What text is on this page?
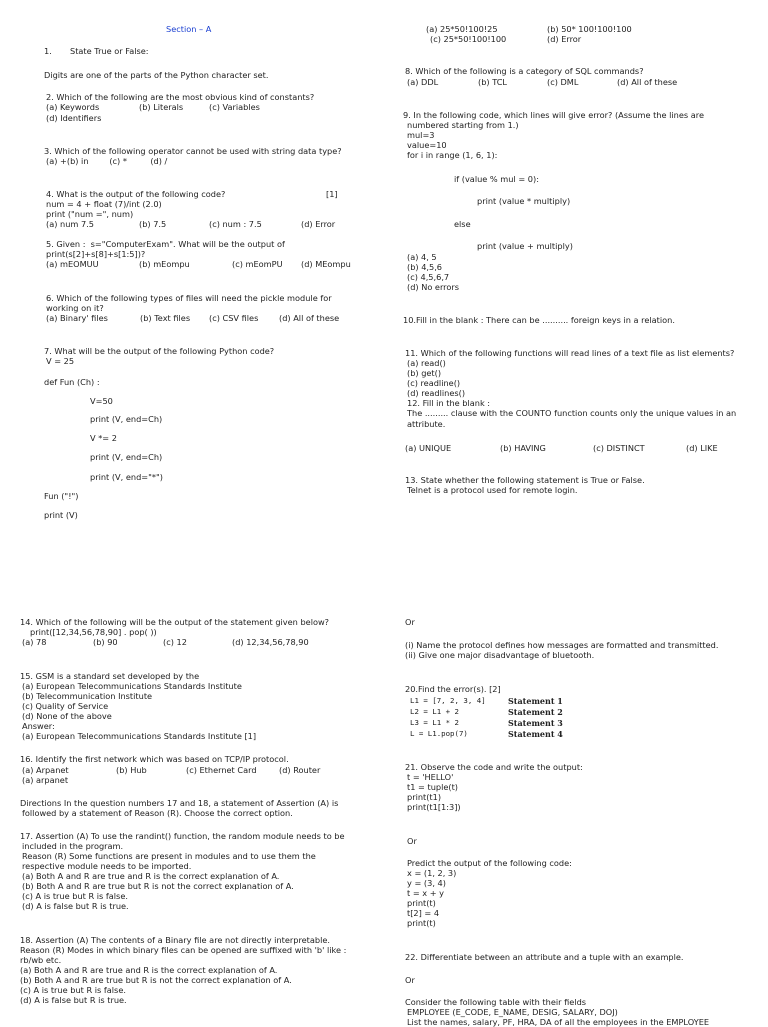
Section – A
1. State True or False:
Digits are one of the parts of the Python character set.
2. Which of the following are the most obvious kind of constants?
(a) Keywords	(b) Literals	(c) Variables
(d) Identifiers
3. Which of the following operator cannot be used with string data type?
(a) +(b) in        (c) *         (d) /
4. What is the output of the following code?	[1]
num = 4 + float (7)/int (2.0)
print ("num =", num)
(a) num 7.5	(b) 7.5	(c) num : 7.5	(d) Error
5. Given :  s="ComputerExam". What will be the output of
print(s[2]+s[8]+s[1:5])?
(a) mEOMUU	(b) mEompu	(c) mEomPU (d) MEompu
6. Which of the following types of files will need the pickle module for
working on it?
(a) Binary' files	(b) Text files (c) CSV files	(d) All of these
7. What will be the output of the following Python code?
V = 25
def Fun (Ch) :
V=50
print (V, end=Ch)
V *= 2
print (V, end=Ch)
print (V, end="*")
Fun ("!")
print (V)
(a) 25*50!100!25	(b) 50* 100!100!100
(c) 25*50!100!100	(d) Error
8. Which of the following is a category of SQL commands?
(a) DDL	(b) TCL	(c) DML	(d) All of these
9. In the following code, which lines will give error? (Assume the lines are
numbered starting from 1.)
mul=3
value=10
for i in range (1, 6, 1):
if (value % mul = 0):
print (value * multiply)
else
print (value + multiply)
(a) 4, 5
(b) 4,5,6
(c) 4,5,6,7
(d) No errors
10.Fill in the blank : There can be .......... foreign keys in a relation.
11. Which of the following functions will read lines of a text file as list elements?
(a) read()
(b) get()
(c) readline()
(d) readlines()
12. Fill in the blank :
The ......... clause with the COUNTO function counts only the unique values in an
attribute.
(a) UNIQUE	(b) HAVING	(c) DISTINCT	(d) LIKE
13. State whether the following statement is True or False.
Telnet is a protocol used for remote login.
14. Which of the following will be the output of the statement given below?
print([12,34,56,78,90] . pop( ))
(a) 78	(b) 90	(c) 12	(d) 12,34,56,78,90
15. GSM is a standard set developed by the
(a) European Telecommunications Standards Institute
(b) Telecommunication Institute
(c) Quality of Service
(d) None of the above
Answer:
(a) European Telecommunications Standards Institute [1]
16. Identify the first network which was based on TCP/IP protocol.
(a) Arpanet	(b) Hub	(c) Ethernet Card	(d) Router
(a) arpanet
Directions In the question numbers 17 and 18, a statement of Assertion (A) is
followed by a statement of Reason (R). Choose the correct option.
17. Assertion (A) To use the randint() function, the random module needs to be
included in the program.
Reason (R) Some functions are present in modules and to use them the
respective module needs to be imported.
(a) Both A and R are true and R is the correct explanation of A.
(b) Both A and R are true but R is not the correct explanation of A.
(c) A is true but R is false.
(d) A is false but R is true.
18. Assertion (A) The contents of a Binary file are not directly interpretable.
Reason (R) Modes in which binary files can be opened are suffixed with 'b' like :
rb/wb etc.
(a) Both A and R are true and R is the correct explanation of A.
(b) Both A and R are true but R is not the correct explanation of A.
(c) A is true but R is false.
(d) A is false but R is true.
Or
(i) Name the protocol defines how messages are formatted and transmitted.
(ii) Give one major disadvantage of bluetooth.
20.Find the error(s). [2]
L1 = [7, 2, 3, 4]
L2 = L1 + 2
L3 = L1 * 2
L = L1.pop(7)
Statement 1
Statement 2
Statement 3
Statement 4
21. Observe the code and write the output:
t = 'HELLO'
t1 = tuple(t)
print(t1)
print(t1[1:3])
Or
Predict the output of the following code:
x = (1, 2, 3)
y = (3, 4)
t = x + y
print(t)
t[2] = 4
print(t)
22. Differentiate between an attribute and a tuple with an example.
Or
Consider the following table with their fields
EMPLOYEE (E_CODE, E_NAME, DESIG, SALARY, DOJ)
List the names, salary, PF, HRA, DA of all the employees in the EMPLOYEE
